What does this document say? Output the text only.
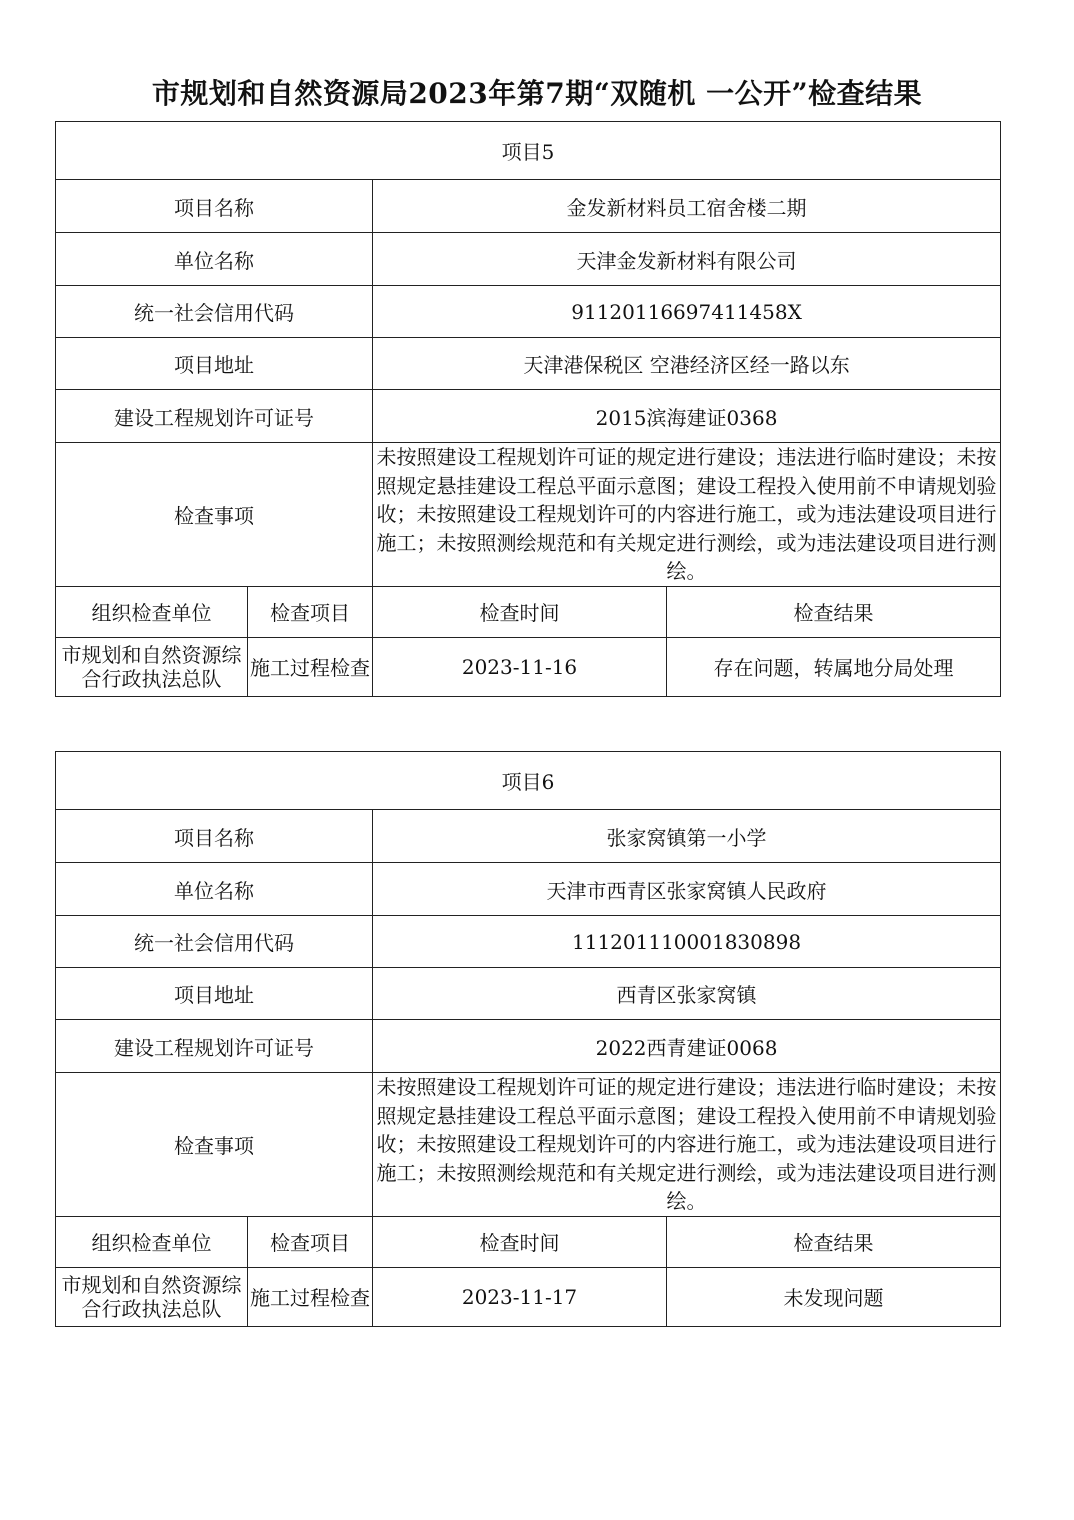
市规划和自然资源局2023年第7期“双随机 一公开”检查结果
项目5			
项目名称		金发新材料员工宿舍楼二期	
单位名称		天津金发新材料有限公司	
统一社会信用代码		91120116697411458X	
项目地址		天津港保税区 空港经济区经一路以东	
建设工程规划许可证号		2015滨海建证0368	
检查事项		未按照建设工程规划许可证的规定进行建设；违法进行临时建设；未按照规定悬挂建设工程总平面示意图；建设工程投入使用前不申请规划验收；未按照建设工程规划许可的内容进行施工，或为违法建设项目进行施工；未按照测绘规范和有关规定进行测绘，或为违法建设项目进行测绘。	
组织检查单位	检查项目	检查时间	检查结果
市规划和自然资源综合行政执法总队	施工过程检查	2023-11-16	存在问题，转属地分局处理
项目6			
项目名称		张家窝镇第一小学	
单位名称		天津市西青区张家窝镇人民政府	
统一社会信用代码		111201110001830898	
项目地址		西青区张家窝镇	
建设工程规划许可证号		2022西青建证0068	
检查事项		未按照建设工程规划许可证的规定进行建设；违法进行临时建设；未按照规定悬挂建设工程总平面示意图；建设工程投入使用前不申请规划验收；未按照建设工程规划许可的内容进行施工，或为违法建设项目进行施工；未按照测绘规范和有关规定进行测绘，或为违法建设项目进行测绘。	
组织检查单位	检查项目	检查时间	检查结果
市规划和自然资源综合行政执法总队	施工过程检查	2023-11-17	未发现问题
